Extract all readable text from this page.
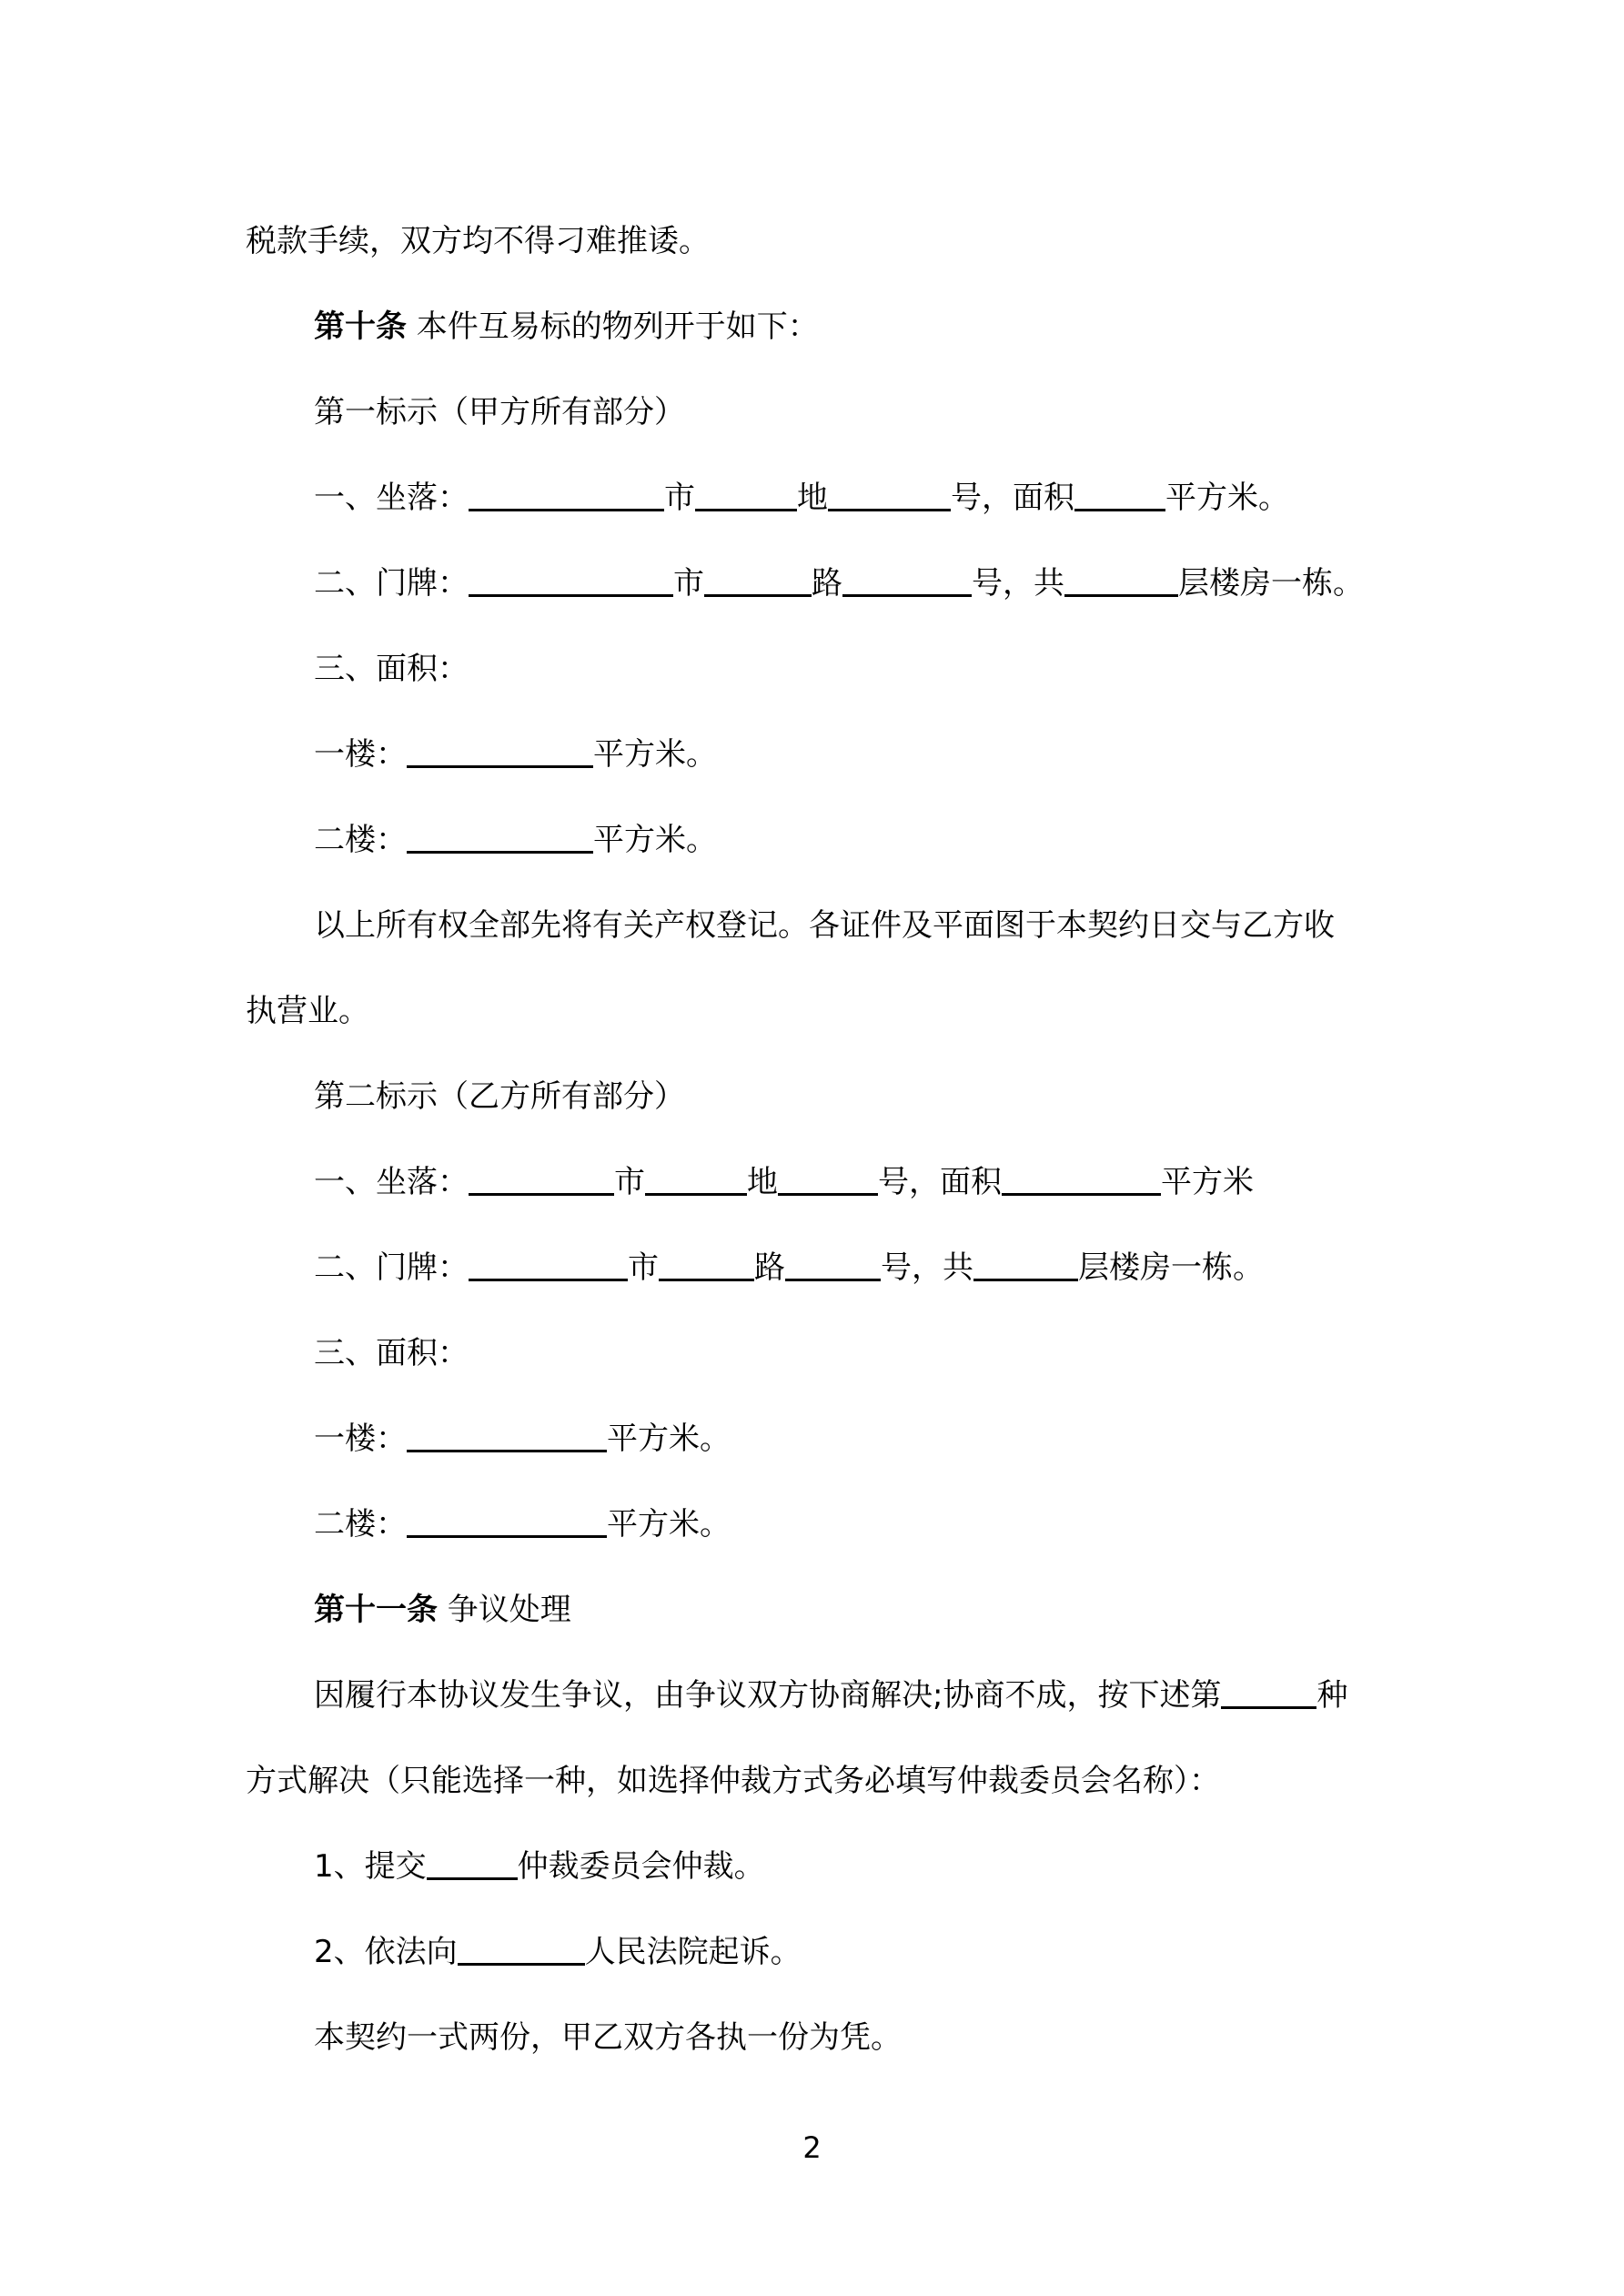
税款手续，双方均不得刁难推诿。
第十条 本件互易标的物列开于如下：
第一标示（甲方所有部分）
一、坐落：	市	地	号，面积	平方米。
二、门牌：	市	路	号，共	层楼房一栋。
三、面积：
一楼：	平方米。
二楼：	平方米。
以上所有权全部先将有关产权登记。各证件及平面图于本契约日交与乙方收
执营业。
第二标示（乙方所有部分）
一、坐落：	市	地	号，面积	平方米
二、门牌：	市	路	号，共	层楼房一栋。
三、面积：
一楼：	平方米。
二楼：	平方米。
第十一条 争议处理
因履行本协议发生争议，由争议双方协商解决;协商不成，按下述第	种
方式解决（只能选择一种，如选择仲裁方式务必填写仲裁委员会名称）：
1、提交	仲裁委员会仲裁。
2、依法向	人民法院起诉。
本契约一式两份，甲乙双方各执一份为凭。
2
